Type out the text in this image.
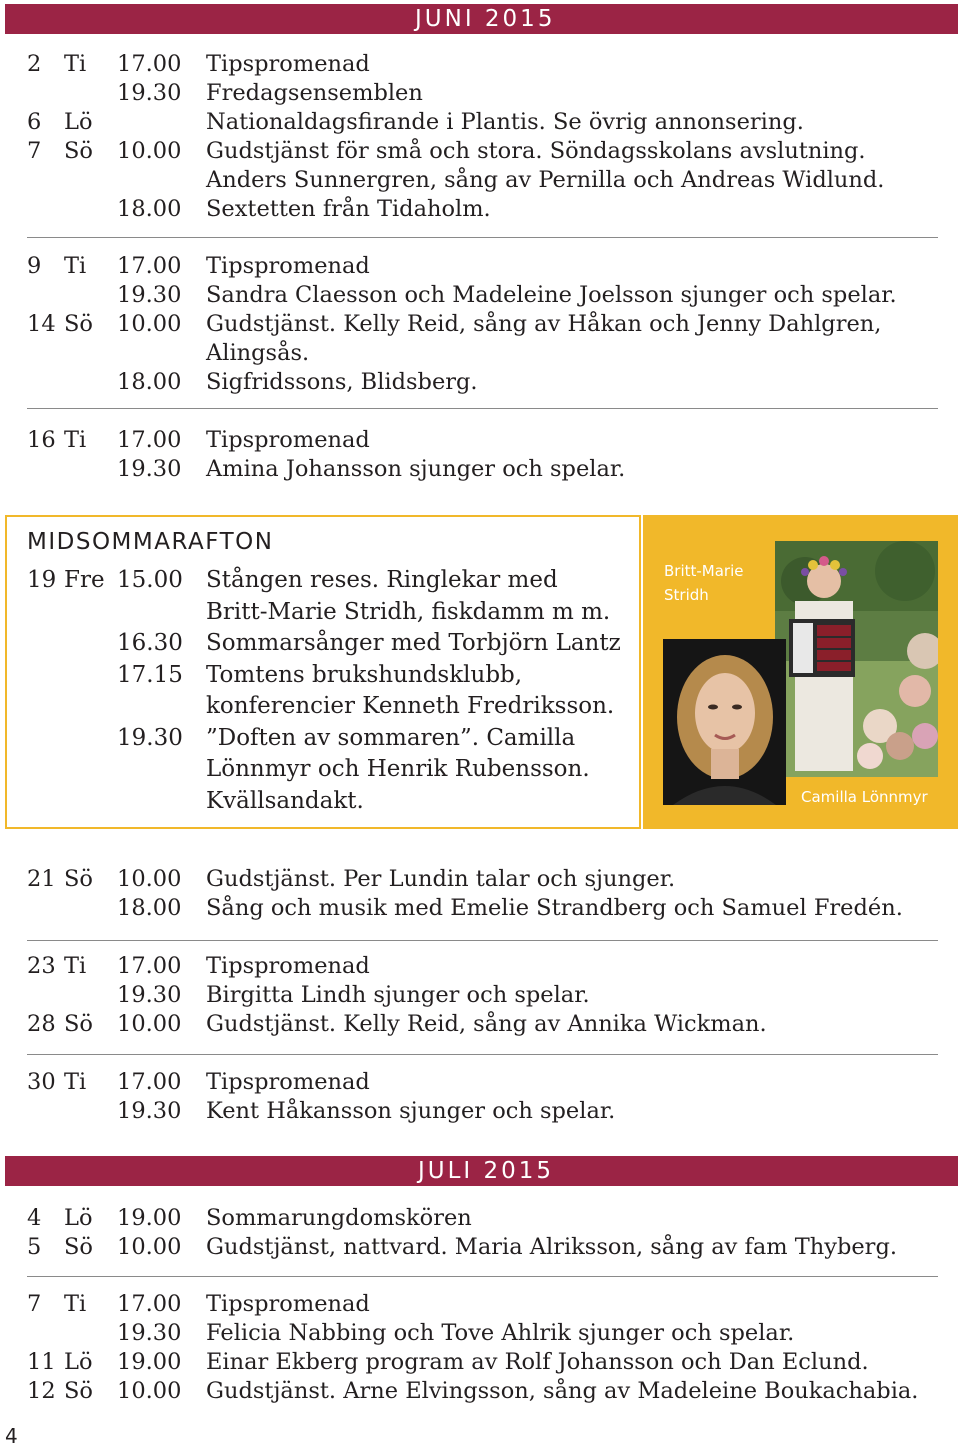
JUNI 2015
2 Ti 17.00 Tipspromenad
19.30 Fredagsensemblen
6 Lö	Nationaldagsfirande i Plantis. Se övrig annonsering.
7 Sö 10.00 Gudstjänst för små och stora. Söndagsskolans avslutning.
Anders Sunnergren, sång av Pernilla och Andreas Widlund.
18.00 Sextetten från Tidaholm.
9 Ti 17.00 Tipspromenad
19.30 Sandra Claesson och Madeleine Joelsson sjunger och spelar.
14 Sö 10.00 Gudstjänst. Kelly Reid, sång av Håkan och Jenny Dahlgren,
Alingsås.
18.00 Sigfridssons, Blidsberg.
16 Ti 17.00 Tipspromenad
19.30 Amina Johansson sjunger och spelar.
MIDSOMMARAFTON
19 Fre 15.00 Stången reses. Ringlekar med
Britt-Marie Stridh, fiskdamm m m.
16.30 Sommarsånger med Torbjörn Lantz
17.15 Tomtens brukshundsklubb,
konferencier Kenneth Fredriksson.
19.30 ”Doften av sommaren”. Camilla
Lönnmyr och Henrik Rubensson.
Kvällsandakt.
Britt-Marie
Stridh
Camilla Lönnmyr
21 Sö 10.00 Gudstjänst. Per Lundin talar och sjunger.
18.00 Sång och musik med Emelie Strandberg och Samuel Fredén.
23 Ti 17.00 Tipspromenad
19.30 Birgitta Lindh sjunger och spelar.
28 Sö 10.00 Gudstjänst. Kelly Reid, sång av Annika Wickman.
30 Ti 17.00 Tipspromenad
19.30 Kent Håkansson sjunger och spelar.
JULI 2015
4 Lö 19.00 Sommarungdomskören
5 Sö 10.00 Gudstjänst, nattvard. Maria Alriksson, sång av fam Thyberg.
7 Ti 17.00 Tipspromenad
19.30 Felicia Nabbing och Tove Ahlrik sjunger och spelar.
11 Lö 19.00 Einar Ekberg program av Rolf Johansson och Dan Eclund.
12 Sö 10.00 Gudstjänst. Arne Elvingsson, sång av Madeleine Boukachabia.
4
